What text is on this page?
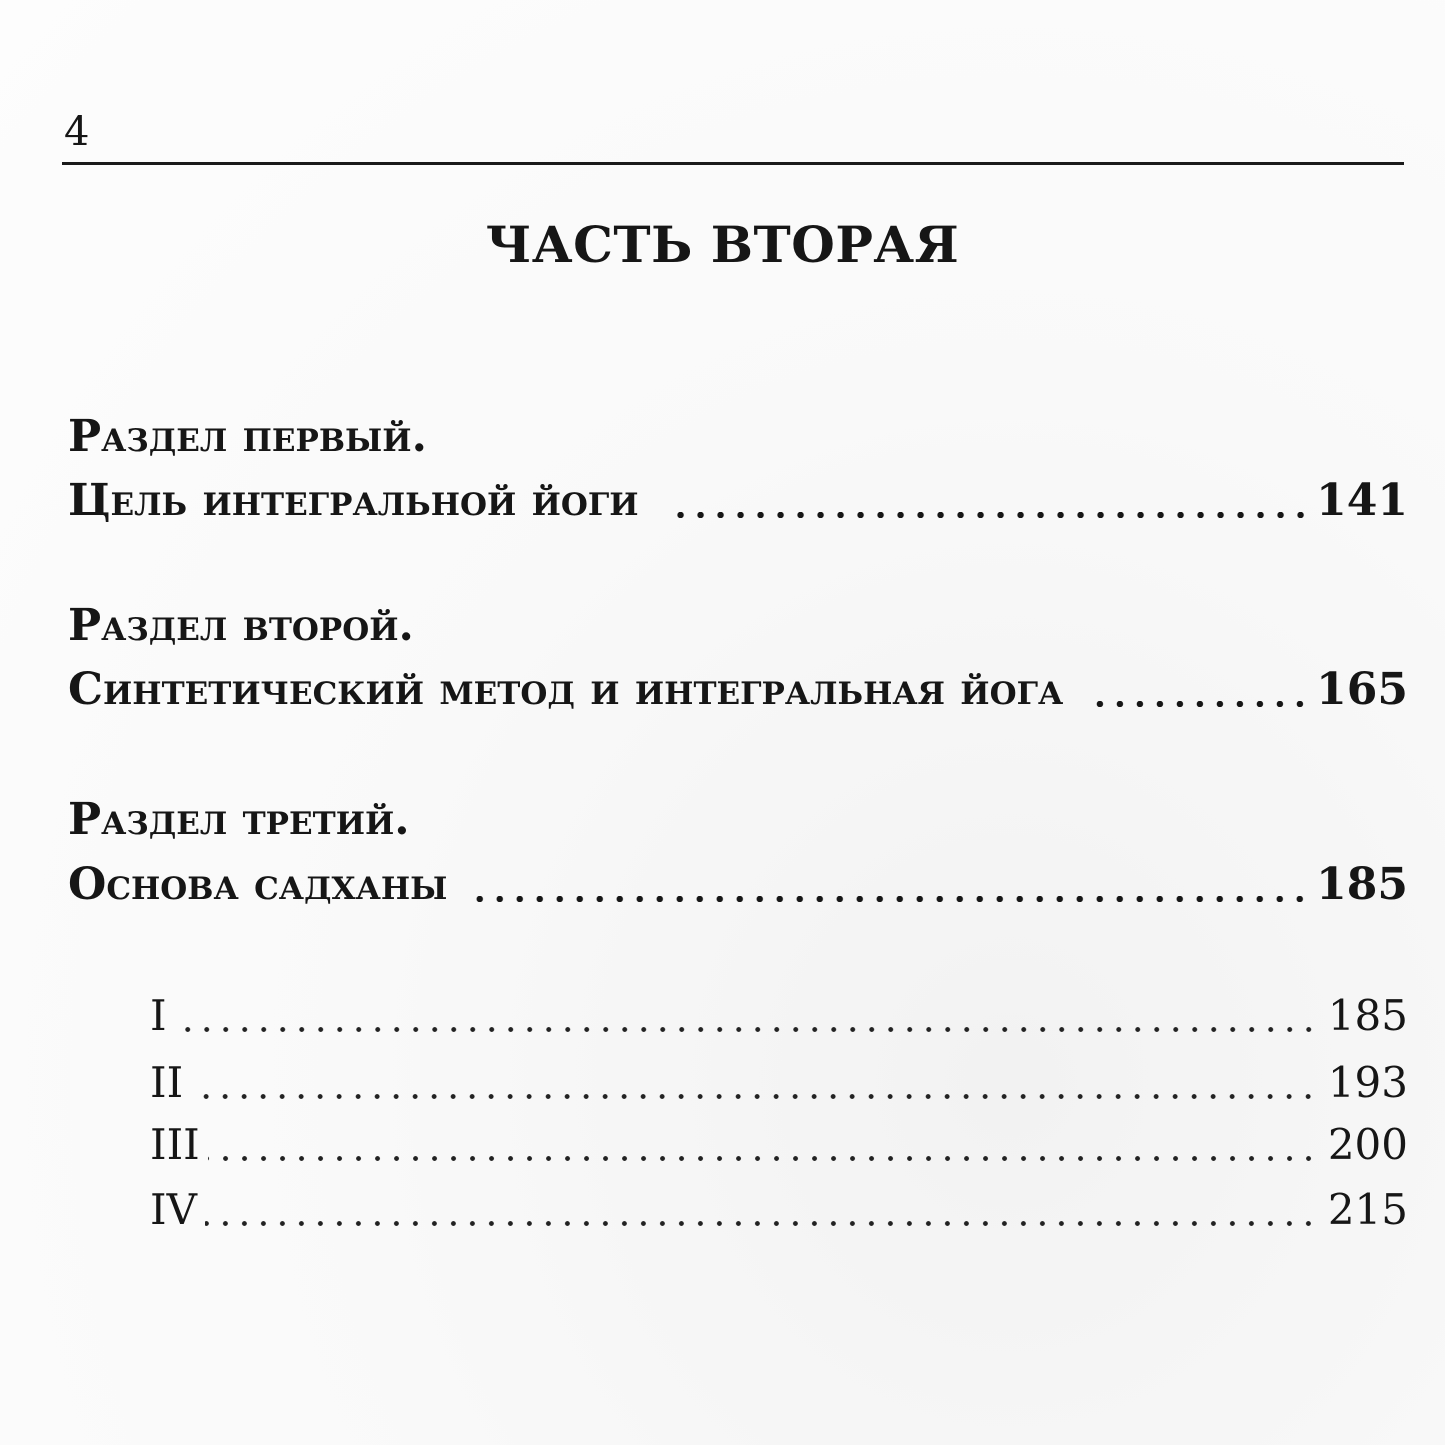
4
ЧАСТЬ ВТОРАЯ
Раздел первый.
Цель интегральной йоги	141
Раздел второй.
Синтетический метод и интегральная йога	165
Раздел третий.
Основа садханы	185
I	185
II	193
III	200
IV	215
